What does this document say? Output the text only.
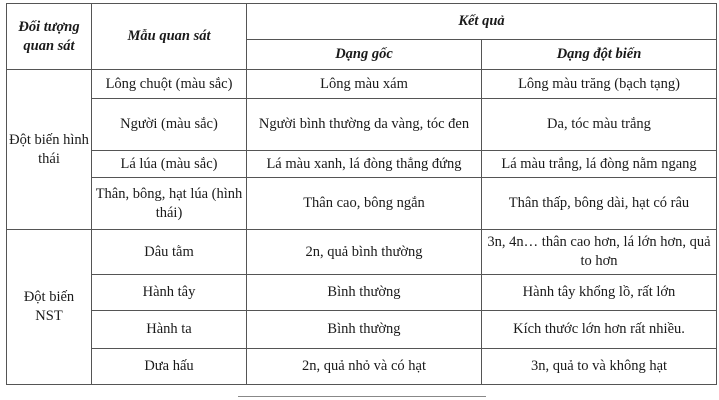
Đối tượng quan sát	Mẫu quan sát	Kết quả	
		Dạng gốc	Dạng đột biến
Đột biến hình thái	Lông chuột (màu sắc)	Lông màu xám	Lông màu trăng (bạch tạng)
	Người (màu sắc)	Người bình thường da vàng, tóc đen	Da, tóc màu trắng
	Lá lúa (màu sắc)	Lá màu xanh, lá đòng thẳng đứng	Lá màu trắng, lá đòng nằm ngang
	Thân, bông, hạt lúa (hình thái)	Thân cao, bông ngắn	Thân thấp, bông dài, hạt có râu
Đột biến NST	Dâu tằm	2n, quả bình thường	3n, 4n… thân cao hơn, lá lớn hơn, quả to hơn
	Hành tây	Bình thường	Hành tây khổng lồ, rất lớn
	Hành ta	Bình thường	Kích thước lớn hơn rất nhiều.
	Dưa hấu	2n, quả nhỏ và có hạt	3n, quả to và không hạt
